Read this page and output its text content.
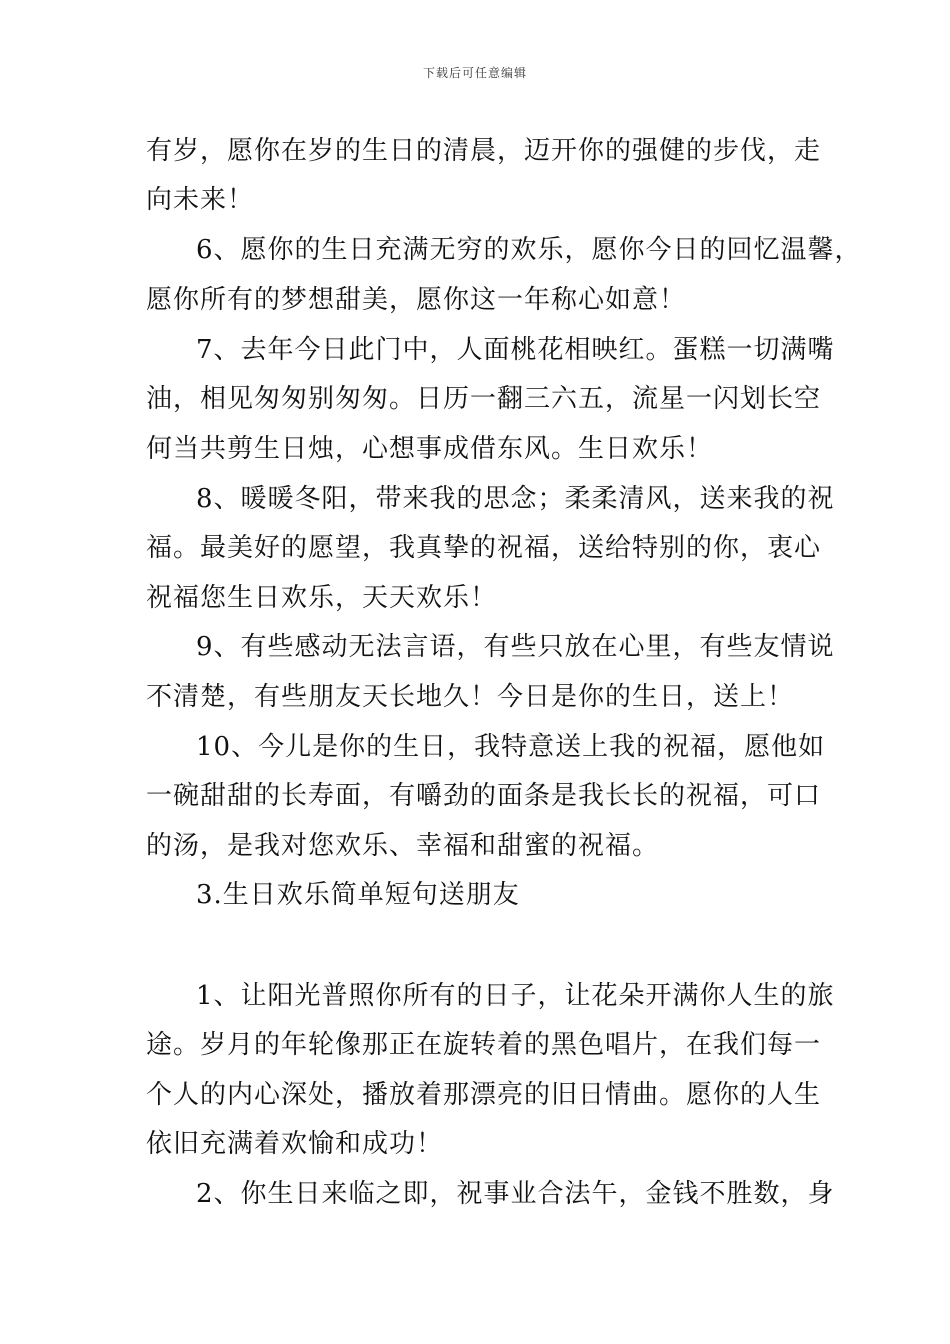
下载后可任意编辑
有岁，愿你在岁的生日的清晨，迈开你的强健的步伐，走
向未来！
6、愿你的生日充满无穷的欢乐，愿你今日的回忆温馨，
愿你所有的梦想甜美，愿你这一年称心如意！
7、去年今日此门中，人面桃花相映红。蛋糕一切满嘴
油，相见匆匆别匆匆。日历一翻三六五，流星一闪划长空
何当共剪生日烛，心想事成借东风。生日欢乐！
8、暖暖冬阳，带来我的思念；柔柔清风，送来我的祝
福。最美好的愿望，我真挚的祝福，送给特别的你，衷心
祝福您生日欢乐，天天欢乐！
9、有些感动无法言语，有些只放在心里，有些友情说
不清楚，有些朋友天长地久！今日是你的生日，送上！
10、今儿是你的生日，我特意送上我的祝福，愿他如
一碗甜甜的长寿面，有嚼劲的面条是我长长的祝福，可口
的汤，是我对您欢乐、幸福和甜蜜的祝福。
3.生日欢乐简单短句送朋友
1、让阳光普照你所有的日子，让花朵开满你人生的旅
途。岁月的年轮像那正在旋转着的黑色唱片，在我们每一
个人的内心深处，播放着那漂亮的旧日情曲。愿你的人生
依旧充满着欢愉和成功！
2、你生日来临之即，祝事业合法午，金钱不胜数，身
